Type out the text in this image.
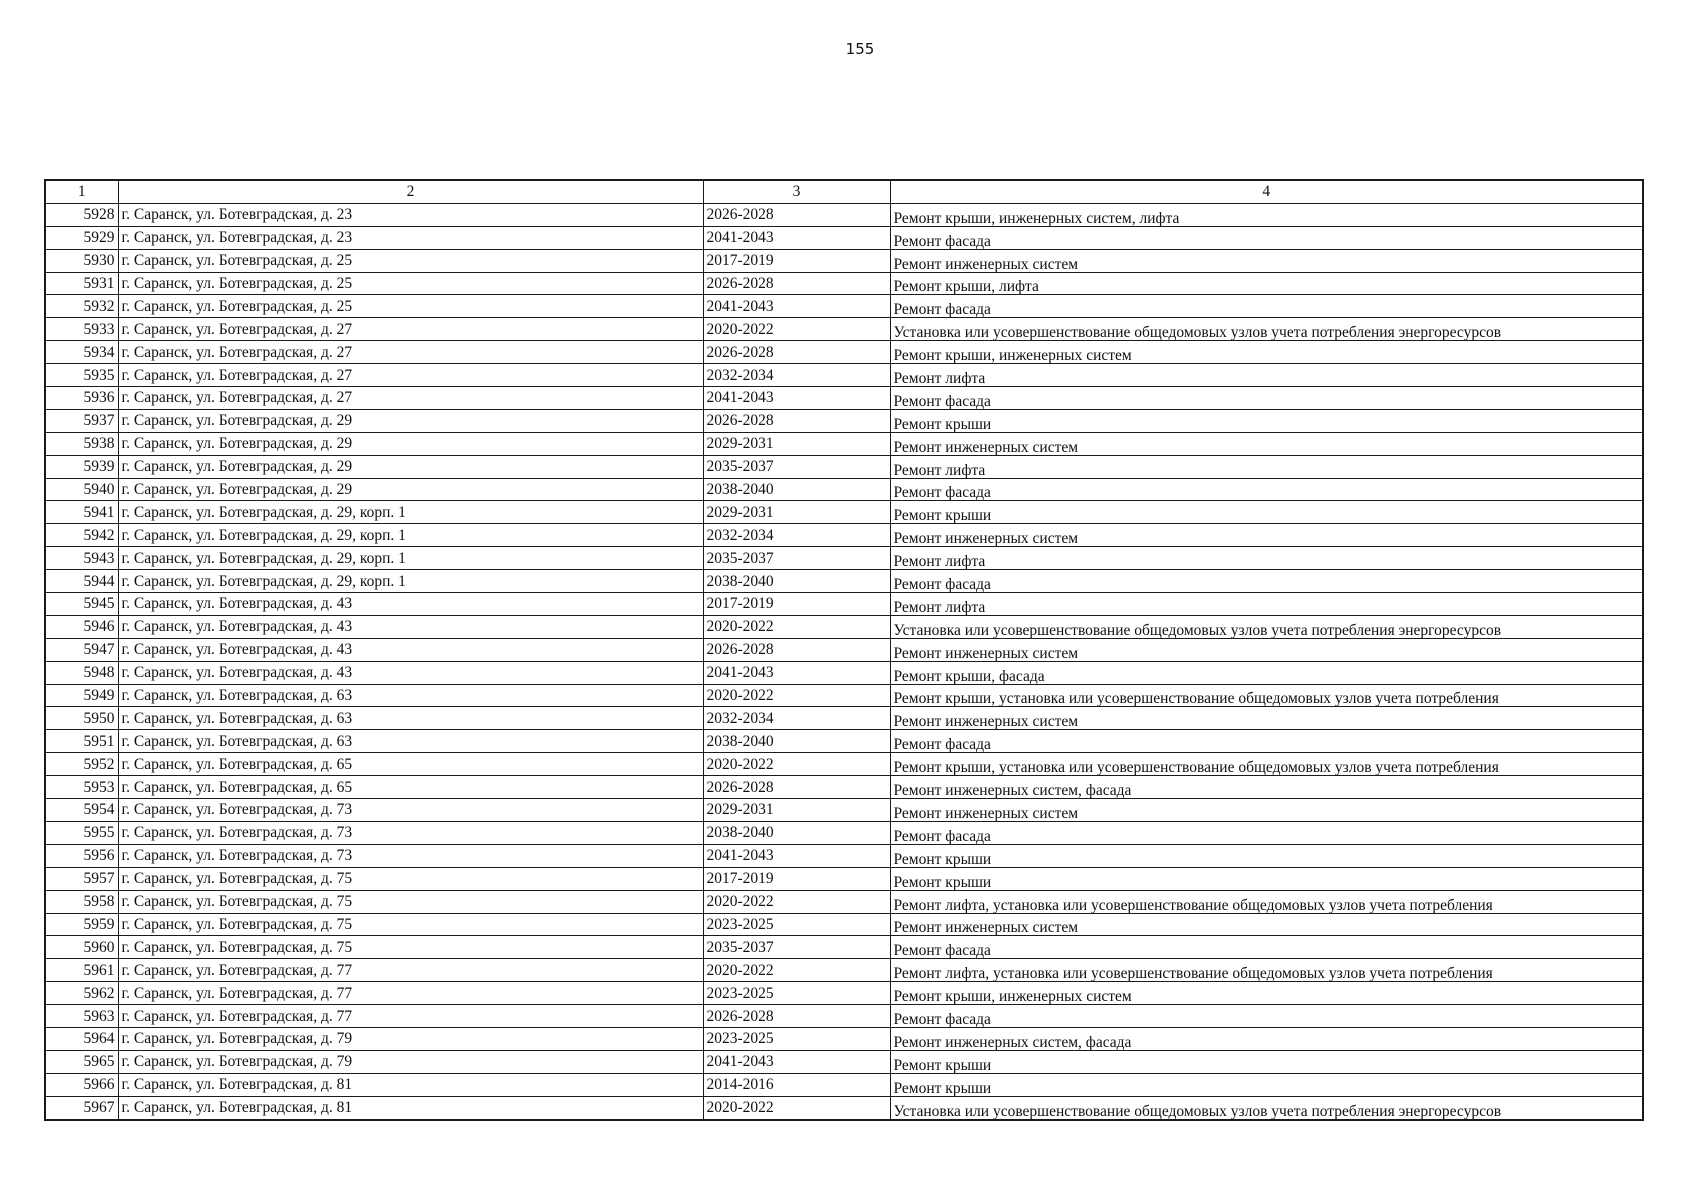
155
1	2	3	4
5928	г. Саранск, ул. Ботевградская, д. 23	2026-2028	Ремонт крыши, инженерных систем, лифта

5929	г. Саранск, ул. Ботевградская, д. 23	2041-2043	Ремонт фасада

5930	г. Саранск, ул. Ботевградская, д. 25	2017-2019	Ремонт инженерных систем

5931	г. Саранск, ул. Ботевградская, д. 25	2026-2028	Ремонт крыши, лифта

5932	г. Саранск, ул. Ботевградская, д. 25	2041-2043	Ремонт фасада

5933	г. Саранск, ул. Ботевградская, д. 27	2020-2022	Установка или усовершенствование общедомовых узлов учета потребления энергоресурсов

5934	г. Саранск, ул. Ботевградская, д. 27	2026-2028	Ремонт крыши, инженерных систем

5935	г. Саранск, ул. Ботевградская, д. 27	2032-2034	Ремонт лифта

5936	г. Саранск, ул. Ботевградская, д. 27	2041-2043	Ремонт фасада

5937	г. Саранск, ул. Ботевградская, д. 29	2026-2028	Ремонт крыши

5938	г. Саранск, ул. Ботевградская, д. 29	2029-2031	Ремонт инженерных систем

5939	г. Саранск, ул. Ботевградская, д. 29	2035-2037	Ремонт лифта

5940	г. Саранск, ул. Ботевградская, д. 29	2038-2040	Ремонт фасада

5941	г. Саранск, ул. Ботевградская, д. 29, корп. 1	2029-2031	Ремонт крыши

5942	г. Саранск, ул. Ботевградская, д. 29, корп. 1	2032-2034	Ремонт инженерных систем

5943	г. Саранск, ул. Ботевградская, д. 29, корп. 1	2035-2037	Ремонт лифта

5944	г. Саранск, ул. Ботевградская, д. 29, корп. 1	2038-2040	Ремонт фасада

5945	г. Саранск, ул. Ботевградская, д. 43	2017-2019	Ремонт лифта

5946	г. Саранск, ул. Ботевградская, д. 43	2020-2022	Установка или усовершенствование общедомовых узлов учета потребления энергоресурсов

5947	г. Саранск, ул. Ботевградская, д. 43	2026-2028	Ремонт инженерных систем

5948	г. Саранск, ул. Ботевградская, д. 43	2041-2043	Ремонт крыши, фасада

5949	г. Саранск, ул. Ботевградская, д. 63	2020-2022	Ремонт крыши, установка или усовершенствование общедомовых узлов учета потребления

5950	г. Саранск, ул. Ботевградская, д. 63	2032-2034	Ремонт инженерных систем

5951	г. Саранск, ул. Ботевградская, д. 63	2038-2040	Ремонт фасада

5952	г. Саранск, ул. Ботевградская, д. 65	2020-2022	Ремонт крыши, установка или усовершенствование общедомовых узлов учета потребления

5953	г. Саранск, ул. Ботевградская, д. 65	2026-2028	Ремонт инженерных систем, фасада

5954	г. Саранск, ул. Ботевградская, д. 73	2029-2031	Ремонт инженерных систем

5955	г. Саранск, ул. Ботевградская, д. 73	2038-2040	Ремонт фасада

5956	г. Саранск, ул. Ботевградская, д. 73	2041-2043	Ремонт крыши

5957	г. Саранск, ул. Ботевградская, д. 75	2017-2019	Ремонт крыши

5958	г. Саранск, ул. Ботевградская, д. 75	2020-2022	Ремонт лифта, установка или усовершенствование общедомовых узлов учета потребления

5959	г. Саранск, ул. Ботевградская, д. 75	2023-2025	Ремонт инженерных систем

5960	г. Саранск, ул. Ботевградская, д. 75	2035-2037	Ремонт фасада

5961	г. Саранск, ул. Ботевградская, д. 77	2020-2022	Ремонт лифта, установка или усовершенствование общедомовых узлов учета потребления

5962	г. Саранск, ул. Ботевградская, д. 77	2023-2025	Ремонт крыши, инженерных систем

5963	г. Саранск, ул. Ботевградская, д. 77	2026-2028	Ремонт фасада

5964	г. Саранск, ул. Ботевградская, д. 79	2023-2025	Ремонт инженерных систем, фасада

5965	г. Саранск, ул. Ботевградская, д. 79	2041-2043	Ремонт крыши

5966	г. Саранск, ул. Ботевградская, д. 81	2014-2016	Ремонт крыши

5967	г. Саранск, ул. Ботевградская, д. 81	2020-2022	Установка или усовершенствование общедомовых узлов учета потребления энергоресурсов
